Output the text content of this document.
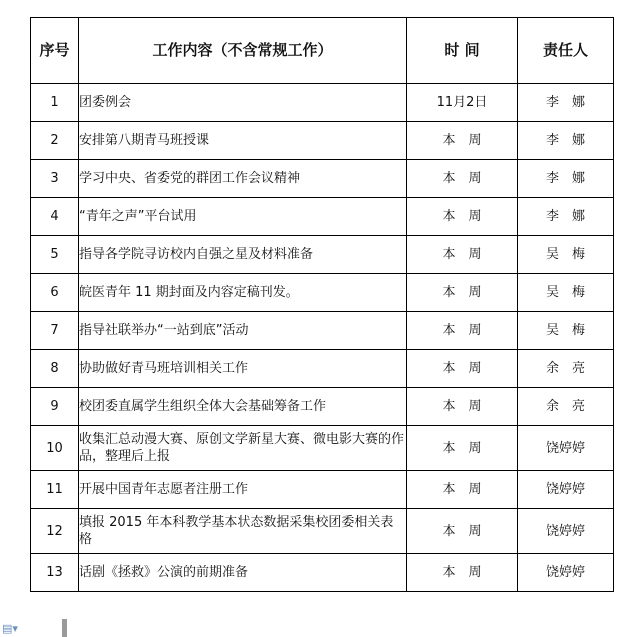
序号	工作内容（不含常规工作）	时 间	责任人
1	团委例会	11月2日	李　娜
2	安排第八期青马班授课	本　周	李　娜
3	学习中央、省委党的群团工作会议精神	本　周	李　娜
4	“青年之声”平台试用	本　周	李　娜
5	指导各学院寻访校内自强之星及材料准备	本　周	吴　梅
6	皖医青年 11 期封面及内容定稿刊发。	本　周	吴　梅
7	指导社联举办“一站到底”活动	本　周	吴　梅
8	协助做好青马班培训相关工作	本　周	余　亮
9	校团委直属学生组织全体大会基础筹备工作	本　周	余　亮
10	收集汇总动漫大赛、原创文学新星大赛、微电影大赛的作品，整理后上报	本　周	饶婷婷
11	开展中国青年志愿者注册工作	本　周	饶婷婷
12	填报 2015 年本科教学基本状态数据采集校团委相关表格	本　周	饶婷婷
13	话剧《拯救》公演的前期准备	本　周	饶婷婷
▤▾
